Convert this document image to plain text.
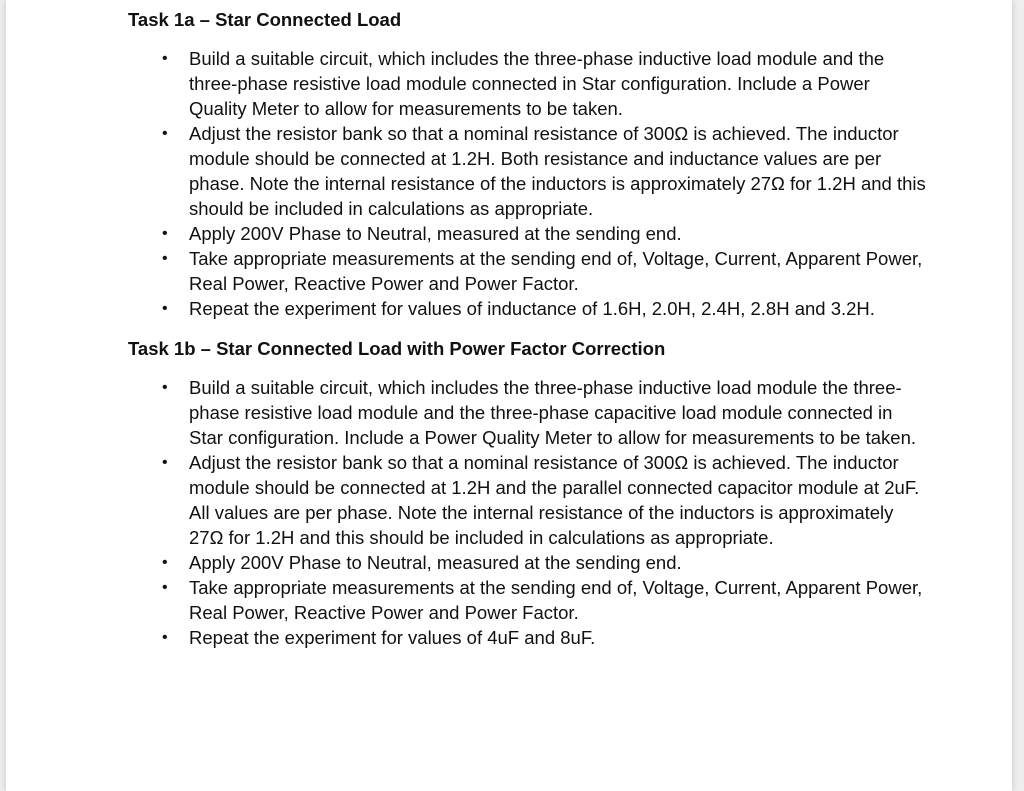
Task 1a – Star Connected Load
• Build a suitable circuit, which includes the three-phase inductive load module and the three-phase resistive load module connected in Star configuration. Include a Power Quality Meter to allow for measurements to be taken.
• Adjust the resistor bank so that a nominal resistance of 300Ω is achieved. The inductor module should be connected at 1.2H. Both resistance and inductance values are per phase. Note the internal resistance of the inductors is approximately 27Ω for 1.2H and this should be included in calculations as appropriate.
• Apply 200V Phase to Neutral, measured at the sending end.
• Take appropriate measurements at the sending end of, Voltage, Current, Apparent Power, Real Power, Reactive Power and Power Factor.
• Repeat the experiment for values of inductance of 1.6H, 2.0H, 2.4H, 2.8H and 3.2H.
Task 1b – Star Connected Load with Power Factor Correction
• Build a suitable circuit, which includes the three-phase inductive load module the three-phase resistive load module and the three-phase capacitive load module connected in Star configuration. Include a Power Quality Meter to allow for measurements to be taken.
• Adjust the resistor bank so that a nominal resistance of 300Ω is achieved. The inductor module should be connected at 1.2H and the parallel connected capacitor module at 2uF. All values are per phase. Note the internal resistance of the inductors is approximately 27Ω for 1.2H and this should be included in calculations as appropriate.
• Apply 200V Phase to Neutral, measured at the sending end.
• Take appropriate measurements at the sending end of, Voltage, Current, Apparent Power, Real Power, Reactive Power and Power Factor.
• Repeat the experiment for values of 4uF and 8uF.
